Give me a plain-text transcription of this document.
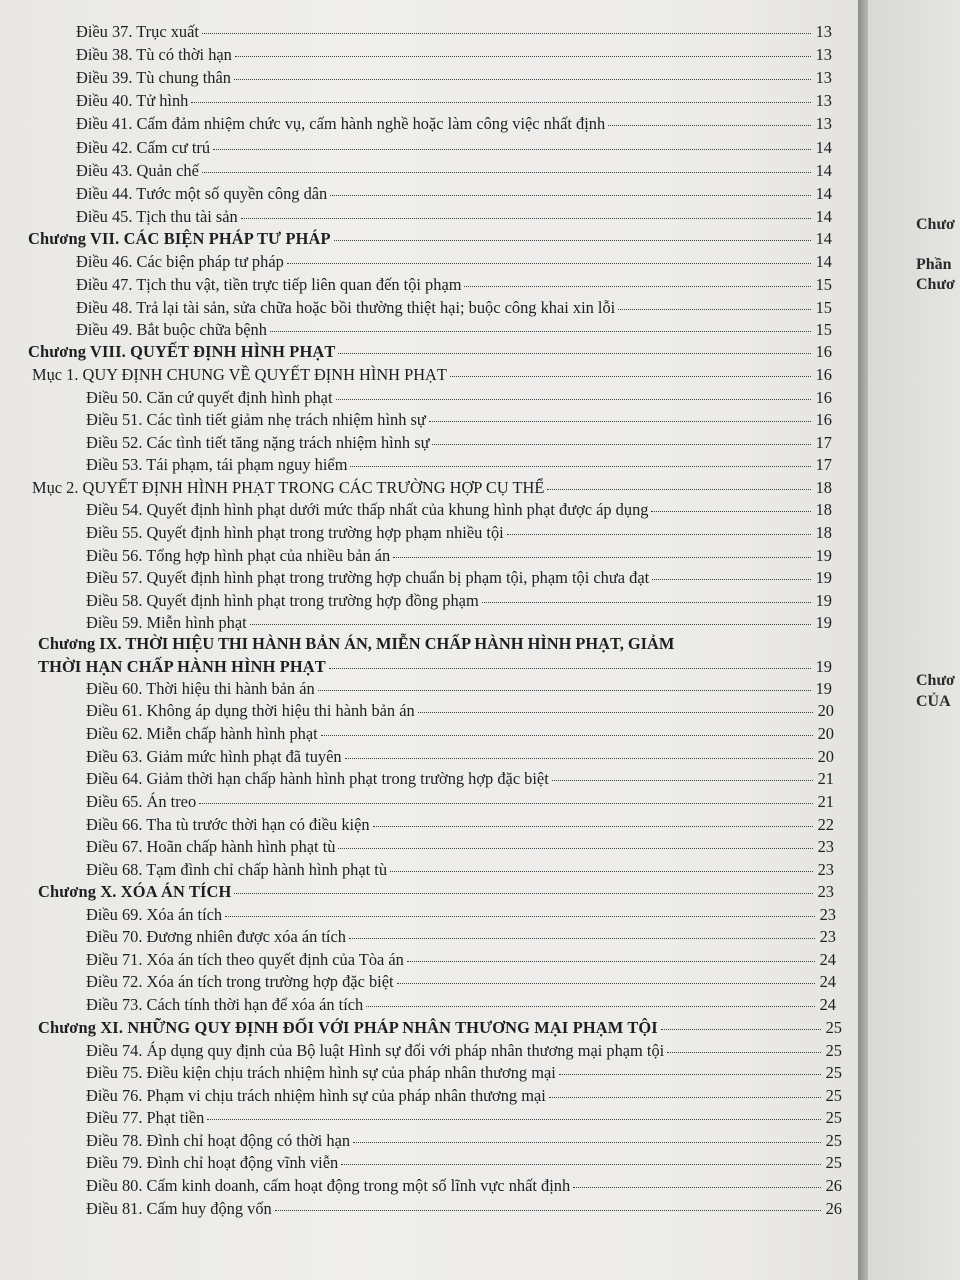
Điều 37. Trục xuất	13
Điều 38. Tù có thời hạn	13
Điều 39. Tù chung thân	13
Điều 40. Tử hình	13
Điều 41. Cấm đảm nhiệm chức vụ, cấm hành nghề hoặc làm công việc nhất định	13
Điều 42. Cấm cư trú	14
Điều 43. Quản chế	14
Điều 44. Tước một số quyền công dân	14
Điều 45. Tịch thu tài sản	14
Chương VII. CÁC BIỆN PHÁP TƯ PHÁP	14
Điều 46. Các biện pháp tư pháp	14
Điều 47. Tịch thu vật, tiền trực tiếp liên quan đến tội phạm	15
Điều 48. Trả lại tài sản, sửa chữa hoặc bồi thường thiệt hại; buộc công khai xin lỗi	15
Điều 49. Bắt buộc chữa bệnh	15
Chương VIII. QUYẾT ĐỊNH HÌNH PHẠT	16
Mục 1. QUY ĐỊNH CHUNG VỀ QUYẾT ĐỊNH HÌNH PHẠT	16
Điều 50. Căn cứ quyết định hình phạt	16
Điều 51. Các tình tiết giảm nhẹ trách nhiệm hình sự	16
Điều 52. Các tình tiết tăng nặng trách nhiệm hình sự	17
Điều 53. Tái phạm, tái phạm nguy hiểm	17
Mục 2. QUYẾT ĐỊNH HÌNH PHẠT TRONG CÁC TRƯỜNG HỢP CỤ THỂ	18
Điều 54. Quyết định hình phạt dưới mức thấp nhất của khung hình phạt được áp dụng	18
Điều 55. Quyết định hình phạt trong trường hợp phạm nhiều tội	18
Điều 56. Tổng hợp hình phạt của nhiều bản án	19
Điều 57. Quyết định hình phạt trong trường hợp chuẩn bị phạm tội, phạm tội chưa đạt	19
Điều 58. Quyết định hình phạt trong trường hợp đồng phạm	19
Điều 59. Miễn hình phạt	19
Chương IX. THỜI HIỆU THI HÀNH BẢN ÁN, MIỄN CHẤP HÀNH HÌNH PHẠT, GIẢM
THỜI HẠN CHẤP HÀNH HÌNH PHẠT	19
Điều 60. Thời hiệu thi hành bản án	19
Điều 61. Không áp dụng thời hiệu thi hành bản án	20
Điều 62. Miễn chấp hành hình phạt	20
Điều 63. Giảm mức hình phạt đã tuyên	20
Điều 64. Giảm thời hạn chấp hành hình phạt trong trường hợp đặc biệt	21
Điều 65. Án treo	21
Điều 66. Tha tù trước thời hạn có điều kiện	22
Điều 67. Hoãn chấp hành hình phạt tù	23
Điều 68. Tạm đình chỉ chấp hành hình phạt tù	23
Chương X. XÓA ÁN TÍCH	23
Điều 69. Xóa án tích	23
Điều 70. Đương nhiên được xóa án tích	23
Điều 71. Xóa án tích theo quyết định của Tòa án	24
Điều 72. Xóa án tích trong trường hợp đặc biệt	24
Điều 73. Cách tính thời hạn để xóa án tích	24
Chương XI. NHỮNG QUY ĐỊNH ĐỐI VỚI PHÁP NHÂN THƯƠNG MẠI PHẠM TỘI	25
Điều 74. Áp dụng quy định của Bộ luật Hình sự đối với pháp nhân thương mại phạm tội	25
Điều 75. Điều kiện chịu trách nhiệm hình sự của pháp nhân thương mại	25
Điều 76. Phạm vi chịu trách nhiệm hình sự của pháp nhân thương mại	25
Điều 77. Phạt tiền	25
Điều 78. Đình chỉ hoạt động có thời hạn	25
Điều 79. Đình chỉ hoạt động vĩnh viễn	25
Điều 80. Cấm kinh doanh, cấm hoạt động trong một số lĩnh vực nhất định	26
Điều 81. Cấm huy động vốn	26
Chươ
Phần
Chươ
Chươ
CỦA
